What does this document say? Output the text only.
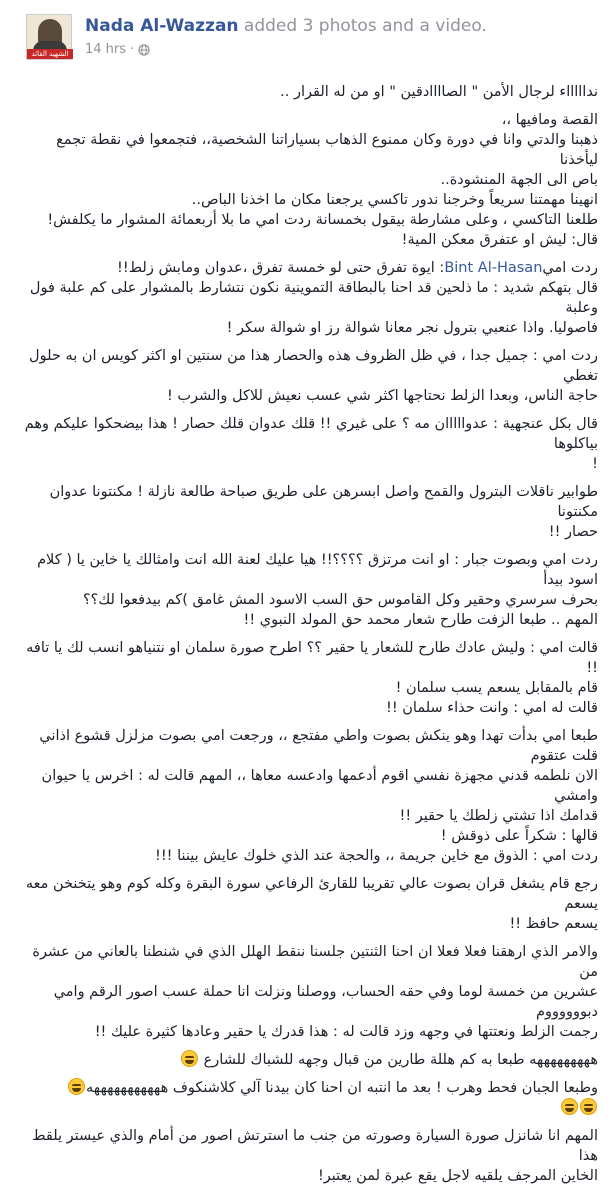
الشهيد القائد
Nada Al-Wazzan added 3 photos and a video.
14 hrs ·
نداااااء لرجال الأمن " الصاااادقين " او من له القرار ..
القصة ومافيها ،،
ذهبنا والدتي وانا في دورة وكان ممنوع الذهاب بسياراتنا الشخصية،، فتجمعوا في نقطة تجمع ليأخذنا
باص الى الجهة المنشودة..
انهينا مهمتنا سريعاً وخرجنا ندور تاكسي يرجعنا مكان ما اخذنا الباص..
طلعنا التاكسي ، وعلى مشارطة بيقول بخمسانة ردت امي ما بلا أربعمائة المشوار ما يكلفش!
قال: ليش او عتفرق معكن المية!
ردت اميBint Al-Hasan: ايوة تفرق حتى لو خمسة تفرق ،عدوان ومابش زلط!!
قال بتهكم شديد : ما ذلحين قد احنا بالبطاقة التموينية نكون نتشارط بالمشوار على كم علبة فول وعلبة
فاصوليا. واذا عنعبي بترول نجر معانا شوالة رز او شوالة سكر !
ردت امي : جميل جدا ، في ظل الظروف هذه والحصار هذا من سنتين او اكثر كويس ان به حلول تغطي
حاجة الناس، وبعدا الزلط نحتاجها اكثر شي عسب نعيش للاكل والشرب !
قال بكل عنجهية : عدوااااان مه ؟ على غيري !! قلك عدوان قلك حصار ! هذا بيضحكوا عليكم وهم بياكلوها
!
طوابير ناقلات البترول والقمح واصل ابسرهن على طريق صباحة طالعة نازلة ! مكنتونا عدوان مكنتونا
حصار !!
ردت امي وبصوت جبار : او انت مرتزق ؟؟؟؟!! هيا عليك لعنة الله انت وامثالك يا خاين يا ( كلام اسود بيدأ
بحرف سرسري وحقير وكل القاموس حق السب الاسود المش غامق )كم بيدفعوا لك؟؟
المهم .. طبعا الزفت طارح شعار محمد حق المولد النبوي !!
قالت امي : وليش عادك طارح للشعار يا حقير ؟؟ اطرح صورة سلمان او نتنياهو انسب لك يا تافه !!
قام بالمقابل يسعم يسب سلمان !
قالت له امي : وانت حذاء سلمان !!
طبعا امي بدأت تهدا وهو ينكش بصوت واطي مفتجع ،، ورجعت امي بصوت مزلزل قشوع اذاني قلت عتقوم
الان نلطمه قدني مجهزة نفسي اقوم أدعمها وادعسه معاها ،، المهم قالت له : اخرس يا حيوان وامشي
قدامك اذا تشتي زلطك يا حقير !!
قالها : شكراً على ذوقش !
ردت امي : الذوق مع خاين جريمة ،، والحجة عند الذي خلوك عايش بيننا !!!
رجع قام يشغل قران بصوت عالي تقريبا للقارئ الرفاعي سورة البقرة وكله كوم وهو يتخنخن معه يسعم
يسعم حافظ !!
والامر الذي ارهقنا فعلا فعلا ان احنا الثنتين جلسنا ننقط الهلل الذي في شنطنا بالعاني من عشرة من
عشرين من خمسة لوما وفي حقه الحساب، ووصلنا ونزلت انا حملة عسب اصور الرقم وامي دبووووووم
رجمت الزلط ونعتتها في وجهه وزد قالت له : هذا قدرك يا حقير وعادها كثيرة عليك !!
هههههههههه طبعا به كم هللة طارين من قبال وجهه للشباك للشارع
وطبعا الجبان فحط وهرب ! بعد ما انتبه ان احنا كان بيدنا آلي كلاشنكوف هههههههههههه
المهم انا شانزل صورة السيارة وصورته من جنب ما استرتش اصور من أمام والذي عيستر يلقط هذا
الخاين المرجف يلقيه لاجل يقع عبرة لمن يعتبر!
